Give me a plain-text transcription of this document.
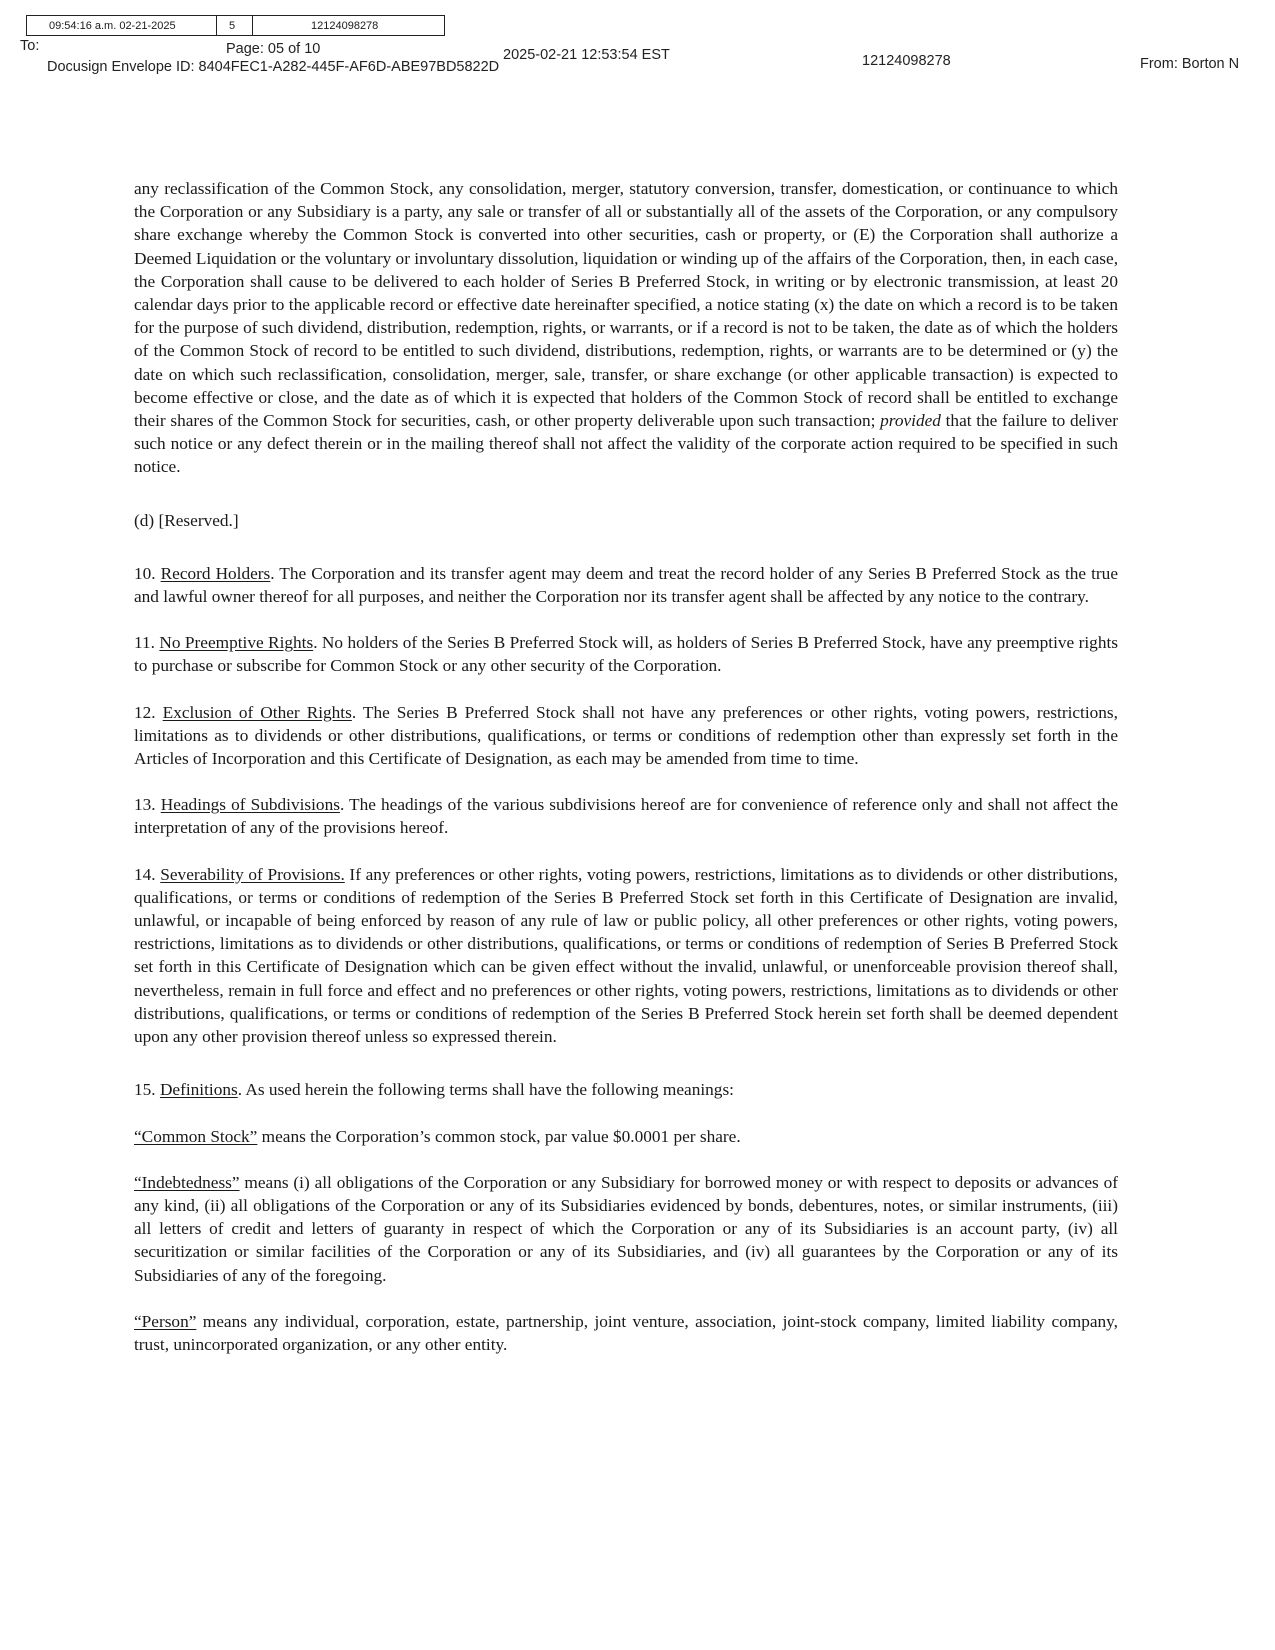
09:54:16 a.m. 02-21-2025	5	12124098278
To:	Page: 05 of 10	2025-02-21 12:53:54 EST	12124098278	From: Borton N
Docusign Envelope ID: 8404FEC1-A282-445F-AF6D-ABE97BD5822D

any reclassification of the Common Stock, any consolidation, merger, statutory conversion, transfer, domestication, or continuance to which the Corporation or any Subsidiary is a party, any sale or transfer of all or substantially all of the assets of the Corporation, or any compulsory share exchange whereby the Common Stock is converted into other securities, cash or property, or (E) the Corporation shall authorize a Deemed Liquidation or the voluntary or involuntary dissolution, liquidation or winding up of the affairs of the Corporation, then, in each case, the Corporation shall cause to be delivered to each holder of Series B Preferred Stock, in writing or by electronic transmission, at least 20 calendar days prior to the applicable record or effective date hereinafter specified, a notice stating (x) the date on which a record is to be taken for the purpose of such dividend, distribution, redemption, rights, or warrants, or if a record is not to be taken, the date as of which the holders of the Common Stock of record to be entitled to such dividend, distributions, redemption, rights, or warrants are to be determined or (y) the date on which such reclassification, consolidation, merger, sale, transfer, or share exchange (or other applicable transaction) is expected to become effective or close, and the date as of which it is expected that holders of the Common Stock of record shall be entitled to exchange their shares of the Common Stock for securities, cash, or other property deliverable upon such transaction; provided that the failure to deliver such notice or any defect therein or in the mailing thereof shall not affect the validity of the corporate action required to be specified in such notice.

(d) [Reserved.]

10. Record Holders. The Corporation and its transfer agent may deem and treat the record holder of any Series B Preferred Stock as the true and lawful owner thereof for all purposes, and neither the Corporation nor its transfer agent shall be affected by any notice to the contrary.

11. No Preemptive Rights. No holders of the Series B Preferred Stock will, as holders of Series B Preferred Stock, have any preemptive rights to purchase or subscribe for Common Stock or any other security of the Corporation.

12. Exclusion of Other Rights. The Series B Preferred Stock shall not have any preferences or other rights, voting powers, restrictions, limitations as to dividends or other distributions, qualifications, or terms or conditions of redemption other than expressly set forth in the Articles of Incorporation and this Certificate of Designation, as each may be amended from time to time.

13. Headings of Subdivisions. The headings of the various subdivisions hereof are for convenience of reference only and shall not affect the interpretation of any of the provisions hereof.

14. Severability of Provisions. If any preferences or other rights, voting powers, restrictions, limitations as to dividends or other distributions, qualifications, or terms or conditions of redemption of the Series B Preferred Stock set forth in this Certificate of Designation are invalid, unlawful, or incapable of being enforced by reason of any rule of law or public policy, all other preferences or other rights, voting powers, restrictions, limitations as to dividends or other distributions, qualifications, or terms or conditions of redemption of Series B Preferred Stock set forth in this Certificate of Designation which can be given effect without the invalid, unlawful, or unenforceable provision thereof shall, nevertheless, remain in full force and effect and no preferences or other rights, voting powers, restrictions, limitations as to dividends or other distributions, qualifications, or terms or conditions of redemption of the Series B Preferred Stock herein set forth shall be deemed dependent upon any other provision thereof unless so expressed therein.

15. Definitions. As used herein the following terms shall have the following meanings:

“Common Stock” means the Corporation’s common stock, par value $0.0001 per share.

“Indebtedness” means (i) all obligations of the Corporation or any Subsidiary for borrowed money or with respect to deposits or advances of any kind, (ii) all obligations of the Corporation or any of its Subsidiaries evidenced by bonds, debentures, notes, or similar instruments, (iii) all letters of credit and letters of guaranty in respect of which the Corporation or any of its Subsidiaries is an account party, (iv) all securitization or similar facilities of the Corporation or any of its Subsidiaries, and (iv) all guarantees by the Corporation or any of its Subsidiaries of any of the foregoing.

“Person” means any individual, corporation, estate, partnership, joint venture, association, joint-stock company, limited liability company, trust, unincorporated organization, or any other entity.
